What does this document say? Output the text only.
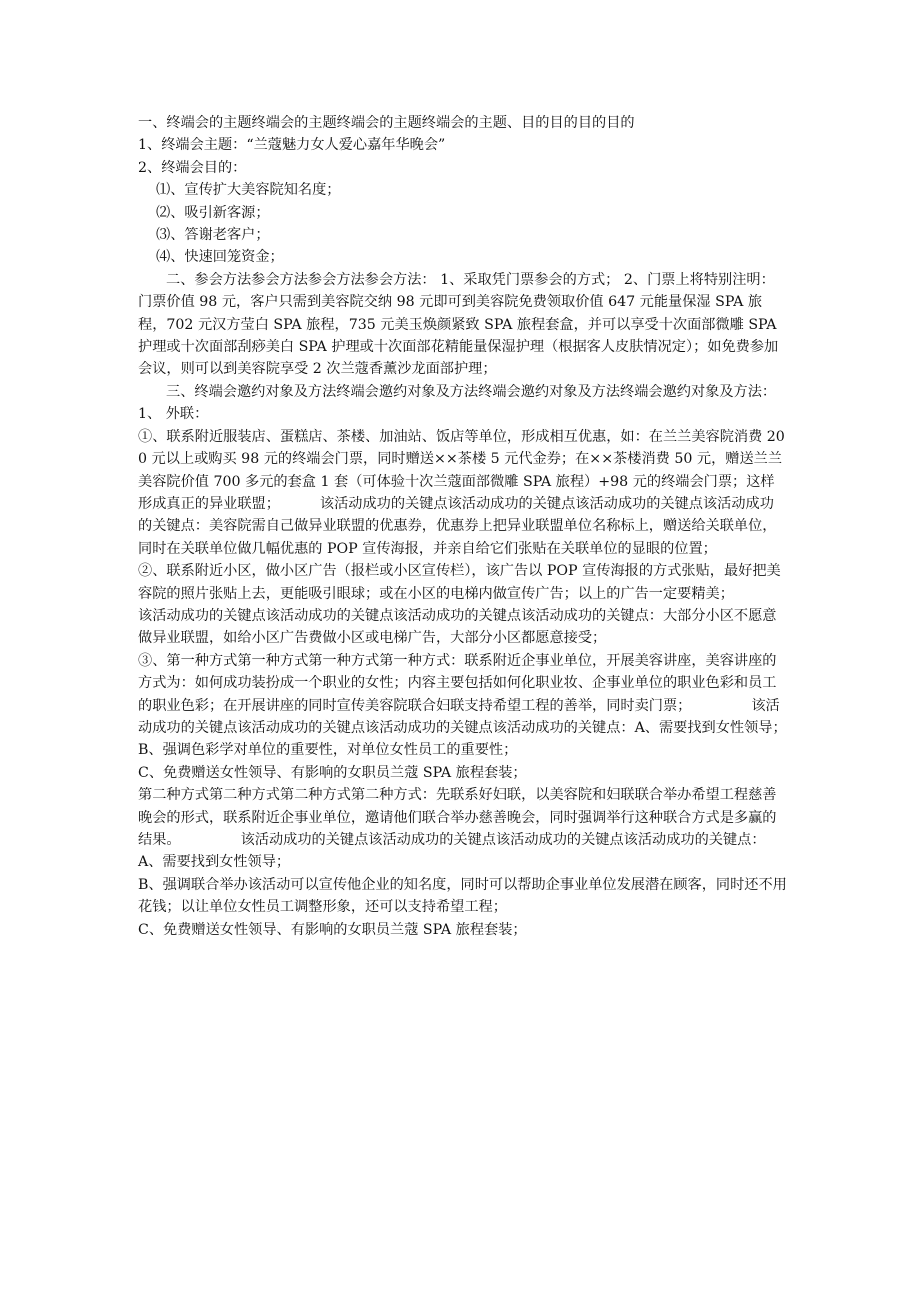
一、终端会的主题终端会的主题终端会的主题终端会的主题、目的目的目的目的

1、终端会主题：“兰蔻魅力女人爱心嘉年华晚会”

2、终端会目的：

⑴、宣传扩大美容院知名度；

⑵、吸引新客源；

⑶、答谢老客户；

⑷、快速回笼资金；

二、参会方法参会方法参会方法参会方法： 1、采取凭门票参会的方式； 2、门票上将特别注明：门票价值 98 元，客户只需到美容院交纳 98 元即可到美容院免费领取价值 647 元能量保湿 SPA 旅程，702 元汉方莹白 SPA 旅程，735 元美玉焕颜紧致 SPA 旅程套盒，并可以享受十次面部微雕 SPA 护理或十次面部刮痧美白 SPA 护理或十次面部花精能量保湿护理（根据客人皮肤情况定）；如免费参加会议，则可以到美容院享受 2 次兰蔻香薰沙龙面部护理；

三、终端会邀约对象及方法终端会邀约对象及方法终端会邀约对象及方法终端会邀约对象及方法：

1、 外联：

①、联系附近服装店、蛋糕店、茶楼、加油站、饭店等单位，形成相互优惠，如：在兰兰美容院消费 200 元以上或购买 98 元的终端会门票，同时赠送××茶楼 5 元代金券；在××茶楼消费 50 元，赠送兰兰美容院价值 700 多元的套盒 1 套（可体验十次兰蔻面部微雕 SPA 旅程）+98 元的终端会门票；这样形成真正的异业联盟；	该活动成功的关键点该活动成功的关键点该活动成功的关键点该活动成功的关键点：美容院需自己做异业联盟的优惠券，优惠券上把异业联盟单位名称标上，赠送给关联单位，同时在关联单位做几幅优惠的 POP 宣传海报，并亲自给它们张贴在关联单位的显眼的位置；

②、联系附近小区，做小区广告（报栏或小区宣传栏），该广告以 POP 宣传海报的方式张贴，最好把美容院的照片张贴上去，更能吸引眼球；或在小区的电梯内做宣传广告；以上的广告一定要精美；该活动成功的关键点该活动成功的关键点该活动成功的关键点该活动成功的关键点：大部分小区不愿意做异业联盟，如给小区广告费做小区或电梯广告，大部分小区都愿意接受；

③、第一种方式第一种方式第一种方式第一种方式：联系附近企事业单位，开展美容讲座，美容讲座的方式为：如何成功装扮成一个职业的女性；内容主要包括如何化职业妆、企事业单位的职业色彩和员工的职业色彩；在开展讲座的同时宣传美容院联合妇联支持希望工程的善举，同时卖门票；	该活动成功的关键点该活动成功的关键点该活动成功的关键点该活动成功的关键点：A、需要找到女性领导；

B、强调色彩学对单位的重要性，对单位女性员工的重要性；

C、免费赠送女性领导、有影响的女职员兰蔻 SPA 旅程套装；

第二种方式第二种方式第二种方式第二种方式：先联系好妇联，以美容院和妇联联合举办希望工程慈善晚会的形式，联系附近企事业单位，邀请他们联合举办慈善晚会，同时强调举行这种联合方式是多赢的结果。	该活动成功的关键点该活动成功的关键点该活动成功的关键点该活动成功的关键点：

A、需要找到女性领导；

B、强调联合举办该活动可以宣传他企业的知名度，同时可以帮助企事业单位发展潜在顾客，同时还不用花钱；以让单位女性员工调整形象，还可以支持希望工程；

C、免费赠送女性领导、有影响的女职员兰蔻 SPA 旅程套装；
